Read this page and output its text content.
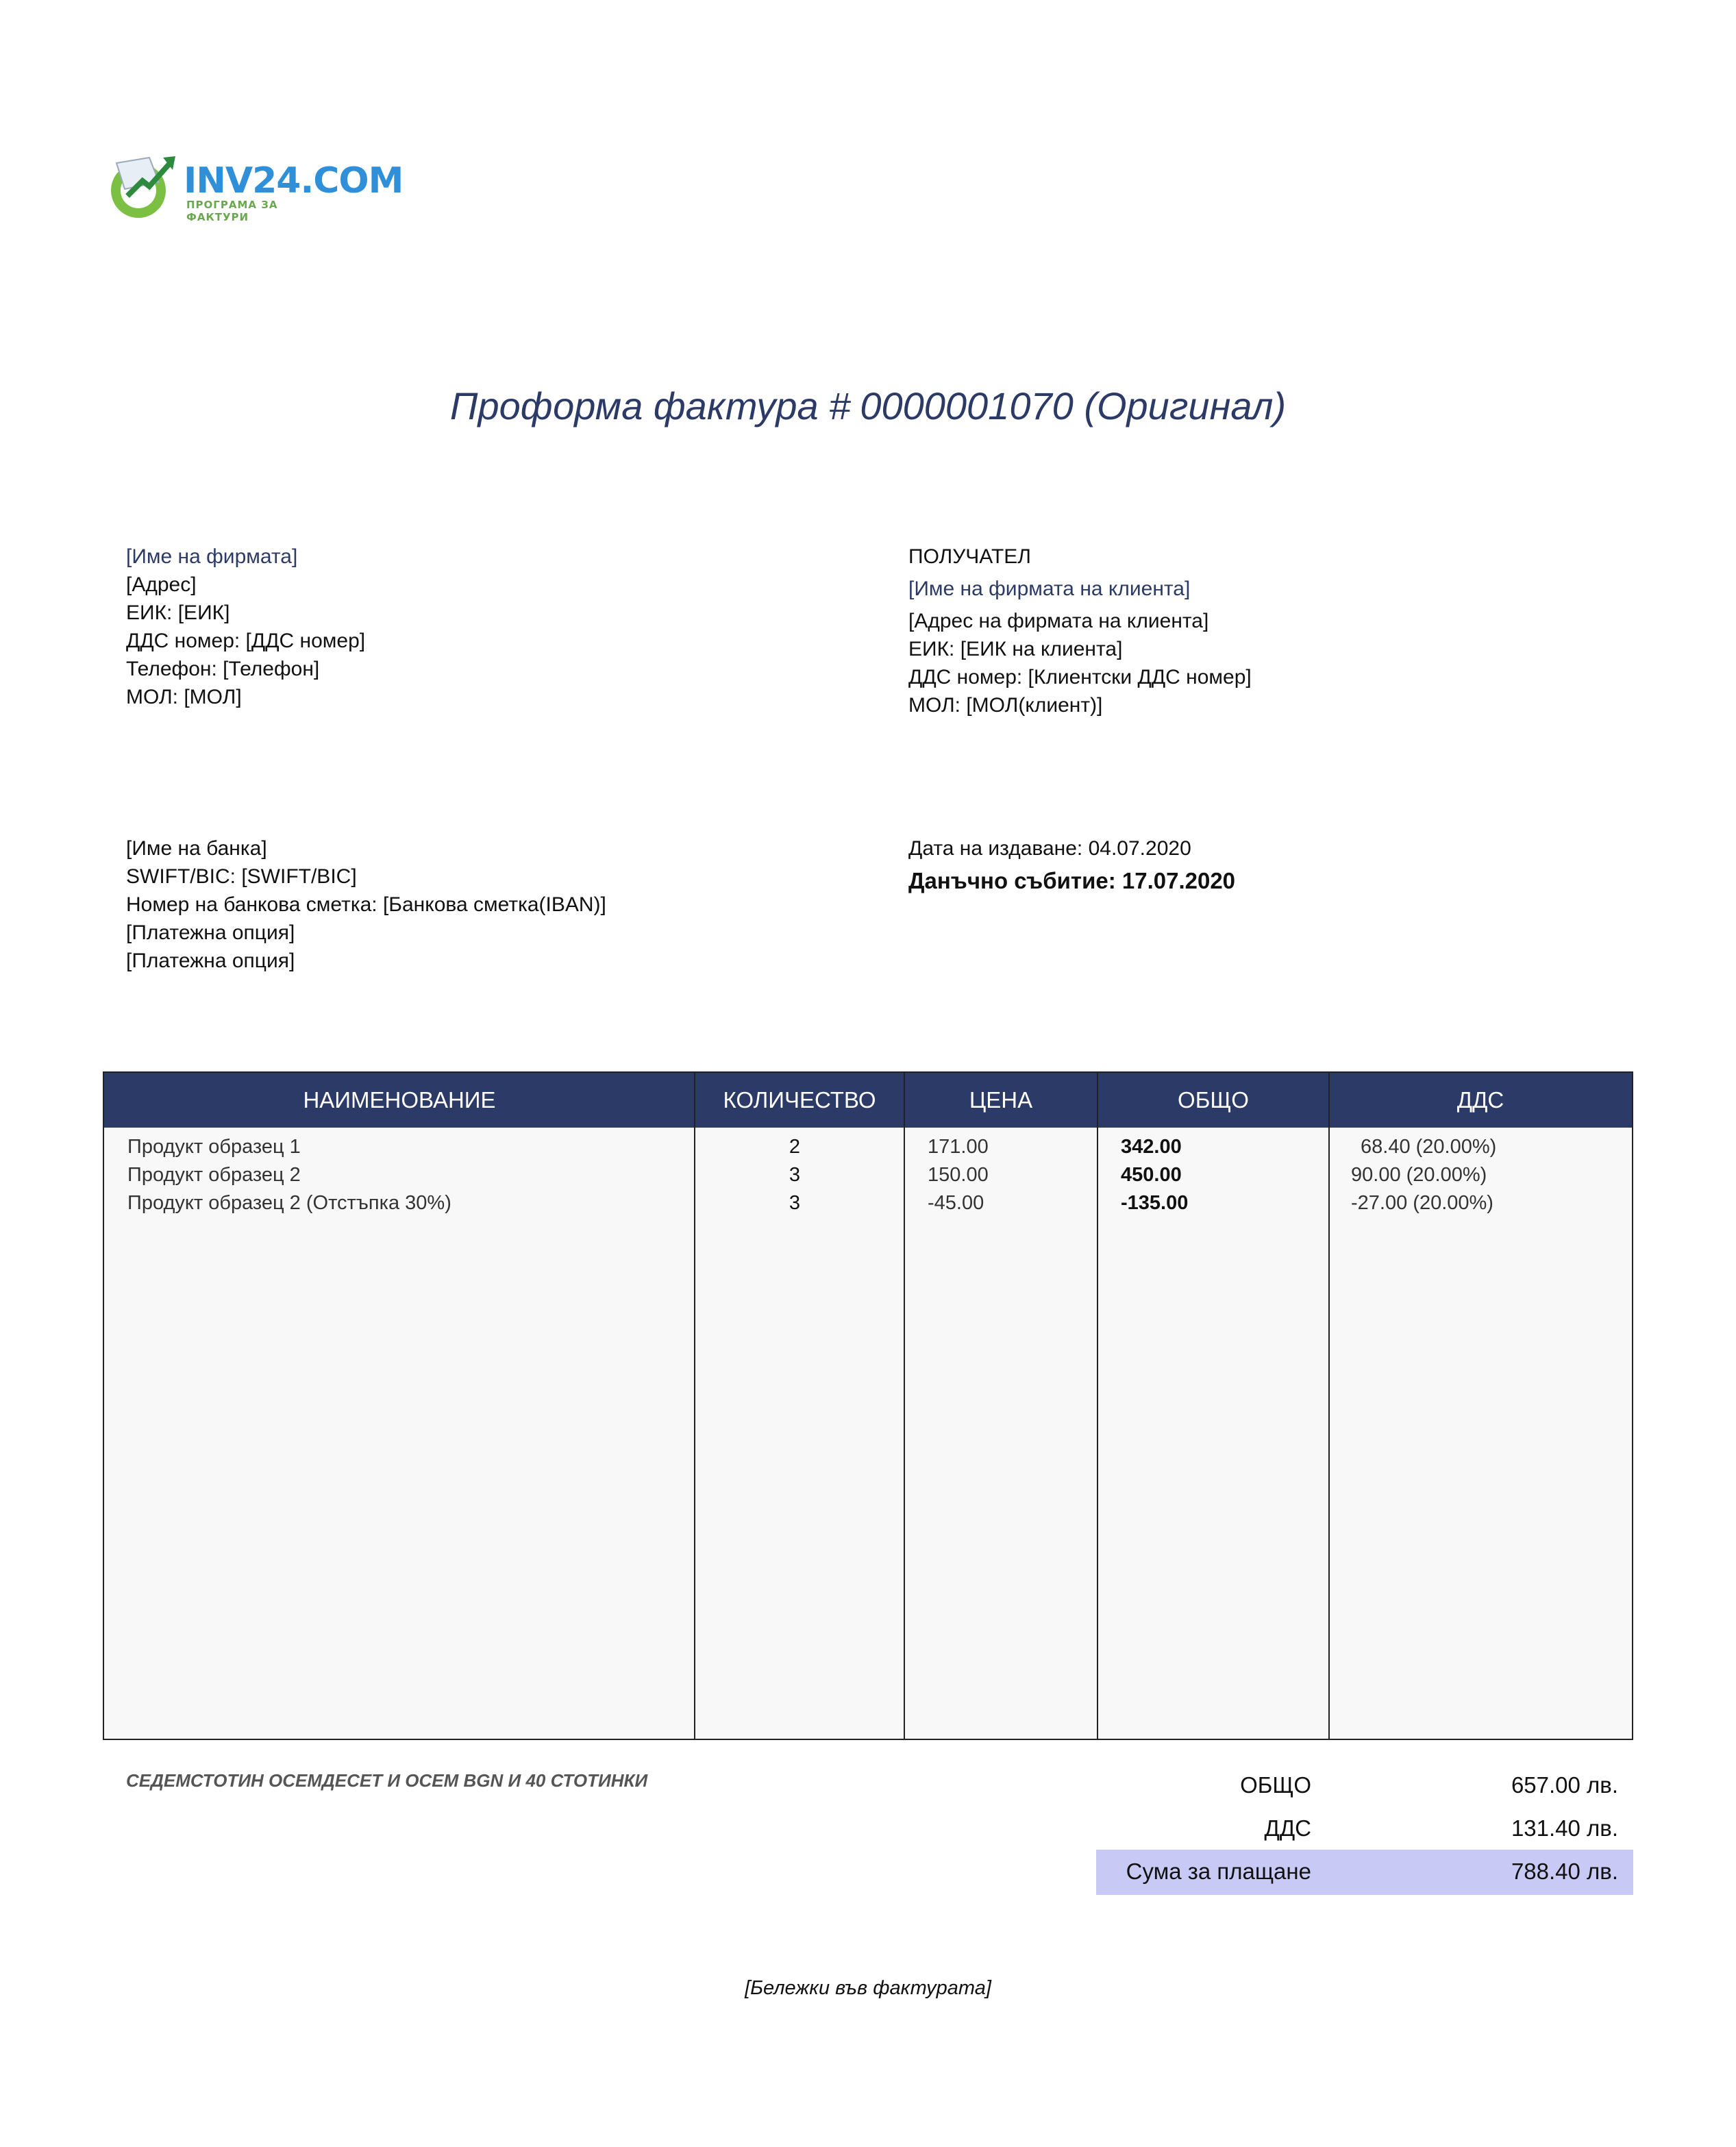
INV24.COM
ПРОГРАМА ЗА ФАКТУРИ
Проформа фактура # 0000001070 (Оригинал)
[Име на фирмата]
[Адрес]
ЕИК: [ЕИК]
ДДС номер: [ДДС номер]
Телефон: [Телефон]
МОЛ: [МОЛ]
ПОЛУЧАТЕЛ
[Име на фирмата на клиента]
[Адрес на фирмата на клиента]
ЕИК: [ЕИК на клиента]
ДДС номер: [Клиентски ДДС номер]
МОЛ: [МОЛ(клиент)]
[Име на банка]
SWIFT/BIC: [SWIFT/BIC]
Номер на банкова сметка: [Банкова сметка(IBAN)]
[Платежна опция]
[Платежна опция]
Дата на издаване: 04.07.2020
Данъчно събитие: 17.07.2020
НАИМЕНОВАНИЕ	КОЛИЧЕСТВО	ЦЕНА	ОБЩО	ДДС
Продукт образец 1	2	171.00	342.00	68.40 (20.00%)
Продукт образец 2	3	150.00	450.00	90.00 (20.00%)
Продукт образец 2 (Отстъпка 30%)	3	-45.00	-135.00	-27.00 (20.00%)
СЕДЕМСТОТИН ОСЕМДЕСЕТ И ОСЕМ BGN И 40 СТОТИНКИ	ОБЩО	657.00 лв.
ДДС	131.40 лв.
Сума за плащане	788.40 лв.
[Бележки във фактурата]
